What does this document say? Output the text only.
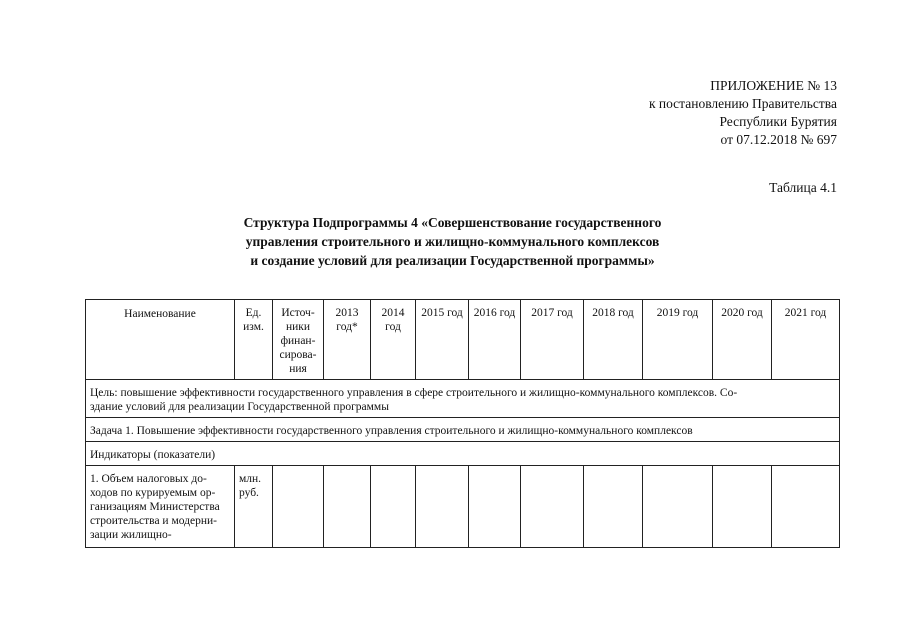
ПРИЛОЖЕНИЕ № 13
к постановлению Правительства
Республики Бурятия
от 07.12.2018 № 697
Таблица 4.1
Структура Подпрограммы 4 «Совершенствование государственного
управления строительного и жилищно-коммунального комплексов
и создание условий для реализации Государственной программы»
Наименование	Ед. изм.	Источ-
ники
финан-
сирова-
ния	2013 год*	2014 год	2015 год	2016 год	2017 год	2018 год	2019 год	2020 год	2021 год
Цель: повышение эффективности государственного управления в сфере строительного и жилищно-коммунального комплексов. Со-
здание условий для реализации Государственной программы											
Задача 1. Повышение эффективности государственного управления строительного и жилищно-коммунального комплексов											
Индикаторы (показатели)											
1. Объем налоговых до-
ходов по курируемым ор-
ганизациям Министерства
строительства и модерни-
зации жилищно-	млн.
руб.										
